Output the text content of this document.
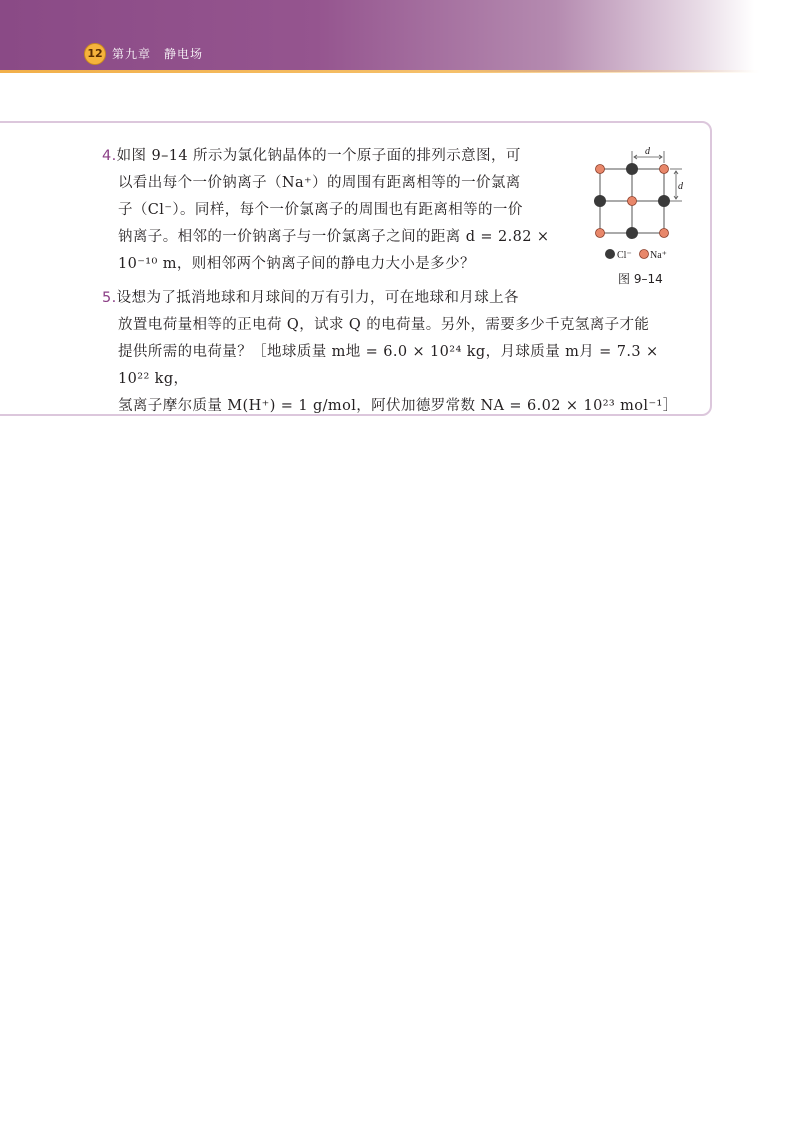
12 第九章　静电场
4.如图 9–14 所示为氯化钠晶体的一个原子面的排列示意图，可
以看出每个一价钠离子（Na⁺）的周围有距离相等的一价氯离
子（Cl⁻）。同样，每个一价氯离子的周围也有距离相等的一价
钠离子。相邻的一价钠离子与一价氯离子之间的距离 d = 2.82 ×
10⁻¹⁰ m，则相邻两个钠离子间的静电力大小是多少？
d
d
Cl⁻ Na⁺
图 9–14
5.设想为了抵消地球和月球间的万有引力，可在地球和月球上各
放置电荷量相等的正电荷 Q，试求 Q 的电荷量。另外，需要多少千克氢离子才能
提供所需的电荷量？［地球质量 m地 = 6.0 × 10²⁴ kg，月球质量 m月 = 7.3 × 10²² kg，
氢离子摩尔质量 M(H⁺) = 1 g/mol，阿伏加德罗常数 NA = 6.02 × 10²³ mol⁻¹］
